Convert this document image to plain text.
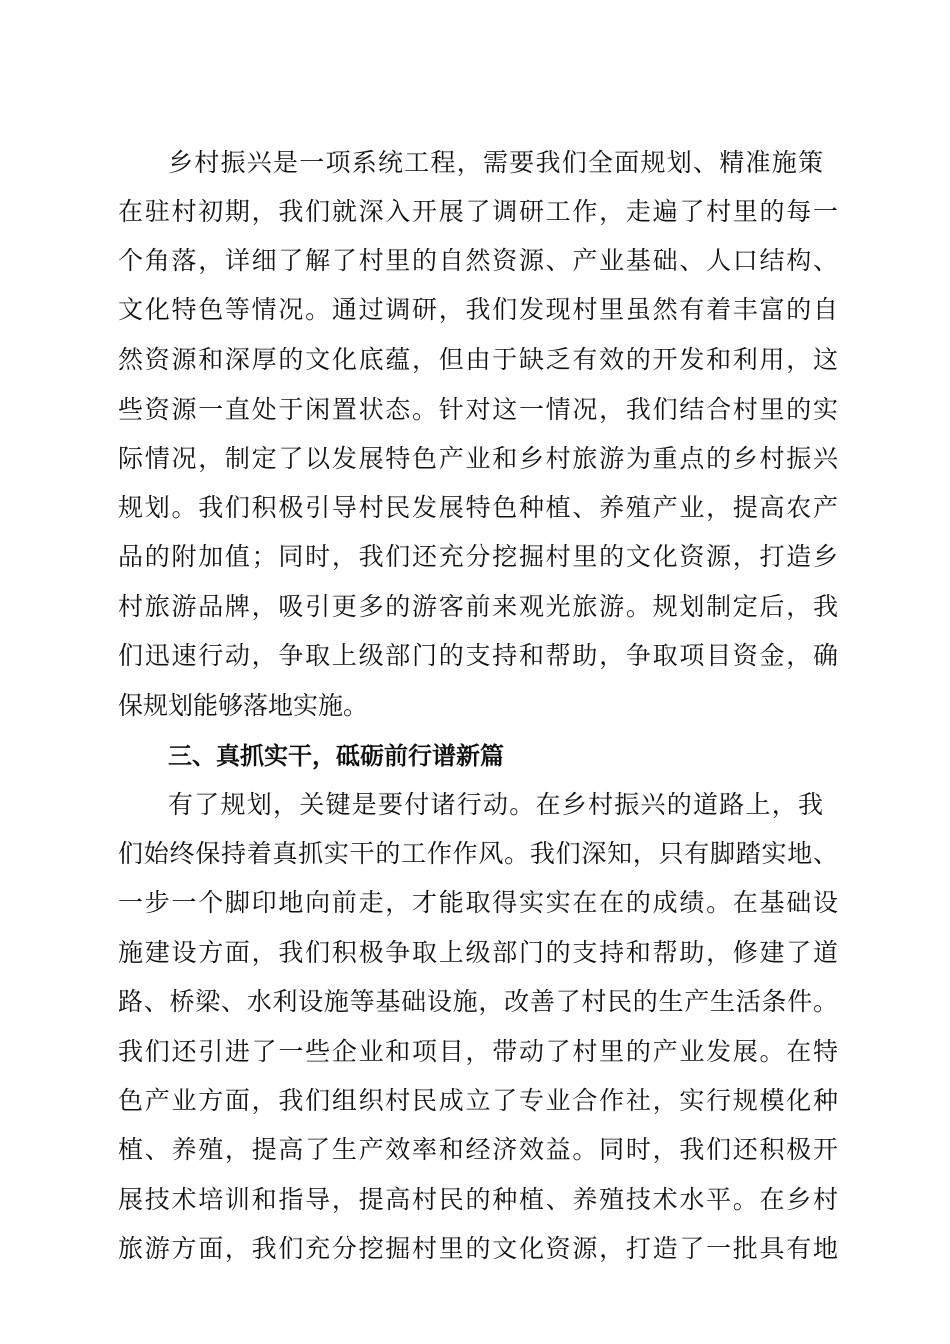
乡村振兴是一项系统工程，需要我们全面规划、精准施策
在驻村初期，我们就深入开展了调研工作，走遍了村里的每一
个角落，详细了解了村里的自然资源、产业基础、人口结构、
文化特色等情况。通过调研，我们发现村里虽然有着丰富的自
然资源和深厚的文化底蕴，但由于缺乏有效的开发和利用，这
些资源一直处于闲置状态。针对这一情况，我们结合村里的实
际情况，制定了以发展特色产业和乡村旅游为重点的乡村振兴
规划。我们积极引导村民发展特色种植、养殖产业，提高农产
品的附加值；同时，我们还充分挖掘村里的文化资源，打造乡
村旅游品牌，吸引更多的游客前来观光旅游。规划制定后，我
们迅速行动，争取上级部门的支持和帮助，争取项目资金，确
保规划能够落地实施。
三、真抓实干，砥砺前行谱新篇
有了规划，关键是要付诸行动。在乡村振兴的道路上，我
们始终保持着真抓实干的工作作风。我们深知，只有脚踏实地、
一步一个脚印地向前走，才能取得实实在在的成绩。在基础设
施建设方面，我们积极争取上级部门的支持和帮助，修建了道
路、桥梁、水利设施等基础设施，改善了村民的生产生活条件。
我们还引进了一些企业和项目，带动了村里的产业发展。在特
色产业方面，我们组织村民成立了专业合作社，实行规模化种
植、养殖，提高了生产效率和经济效益。同时，我们还积极开
展技术培训和指导，提高村民的种植、养殖技术水平。在乡村
旅游方面，我们充分挖掘村里的文化资源，打造了一批具有地
